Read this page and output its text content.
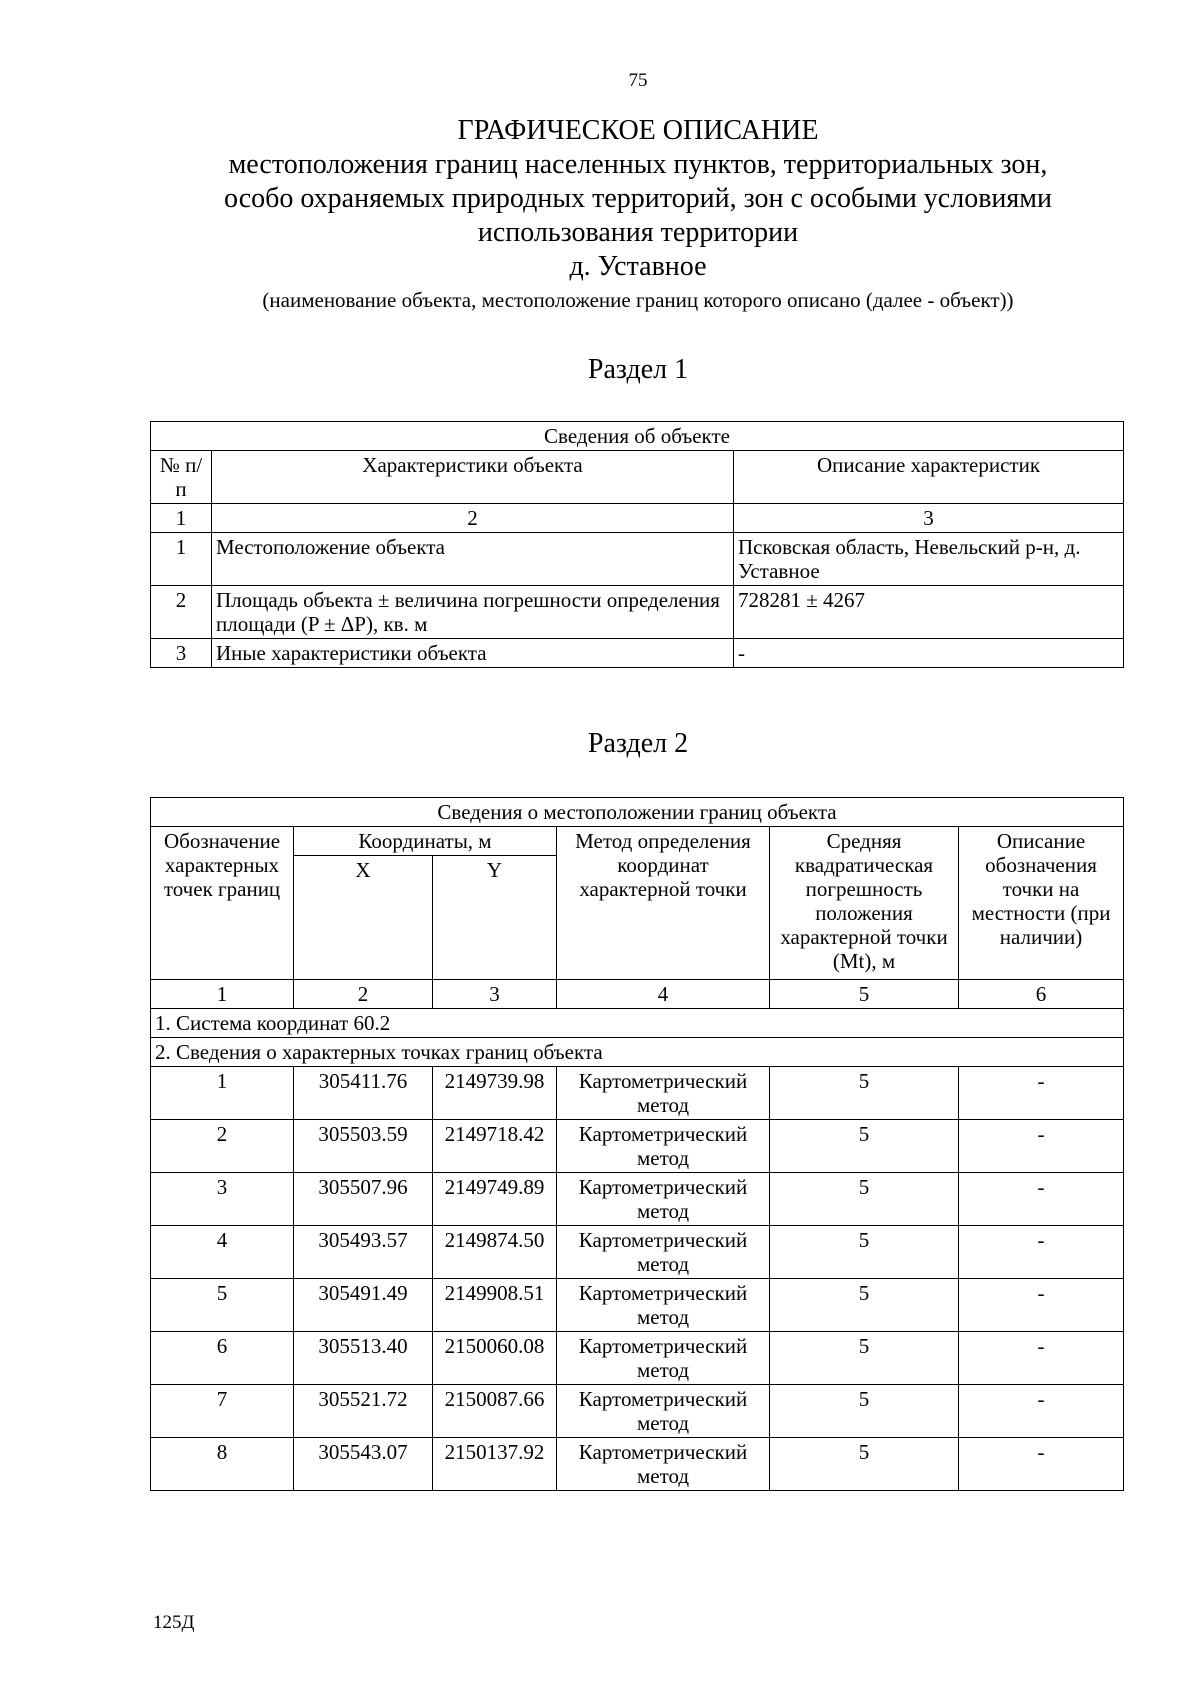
75
ГРАФИЧЕСКОЕ ОПИСАНИЕ
местоположения границ населенных пунктов, территориальных зон,
особо охраняемых природных территорий, зон с особыми условиями
использования территории
д. Уставное
(наименование объекта, местоположение границ которого описано (далее - объект))
Раздел 1
Сведения об объекте		
№ п/п	Характеристики объекта	Описание характеристик
1	2	3
1	Местоположение объекта	Псковская область, Невельский р-н, д. Уставное
2	Площадь объекта ± величина погрешности определения площади (P ± ΔP), кв. м	728281 ± 4267
3	Иные характеристики объекта	-
Раздел 2
Сведения о местоположении границ объекта					
Обозначение характерных точек границ	Координаты, м		Метод определения координат характерной точки	Средняя квадратическая погрешность положения характерной точки (Mt), м	Описание обозначения точки на местности (при наличии)
	X	Y			
1	2	3	4	5	6
1. Система координат 60.2					
2. Сведения о характерных точках границ объекта					
1	305411.76	2149739.98	Картометрический метод	5	-
2	305503.59	2149718.42	Картометрический метод	5	-
3	305507.96	2149749.89	Картометрический метод	5	-
4	305493.57	2149874.50	Картометрический метод	5	-
5	305491.49	2149908.51	Картометрический метод	5	-
6	305513.40	2150060.08	Картометрический метод	5	-
7	305521.72	2150087.66	Картометрический метод	5	-
8	305543.07	2150137.92	Картометрический метод	5	-
125Д
